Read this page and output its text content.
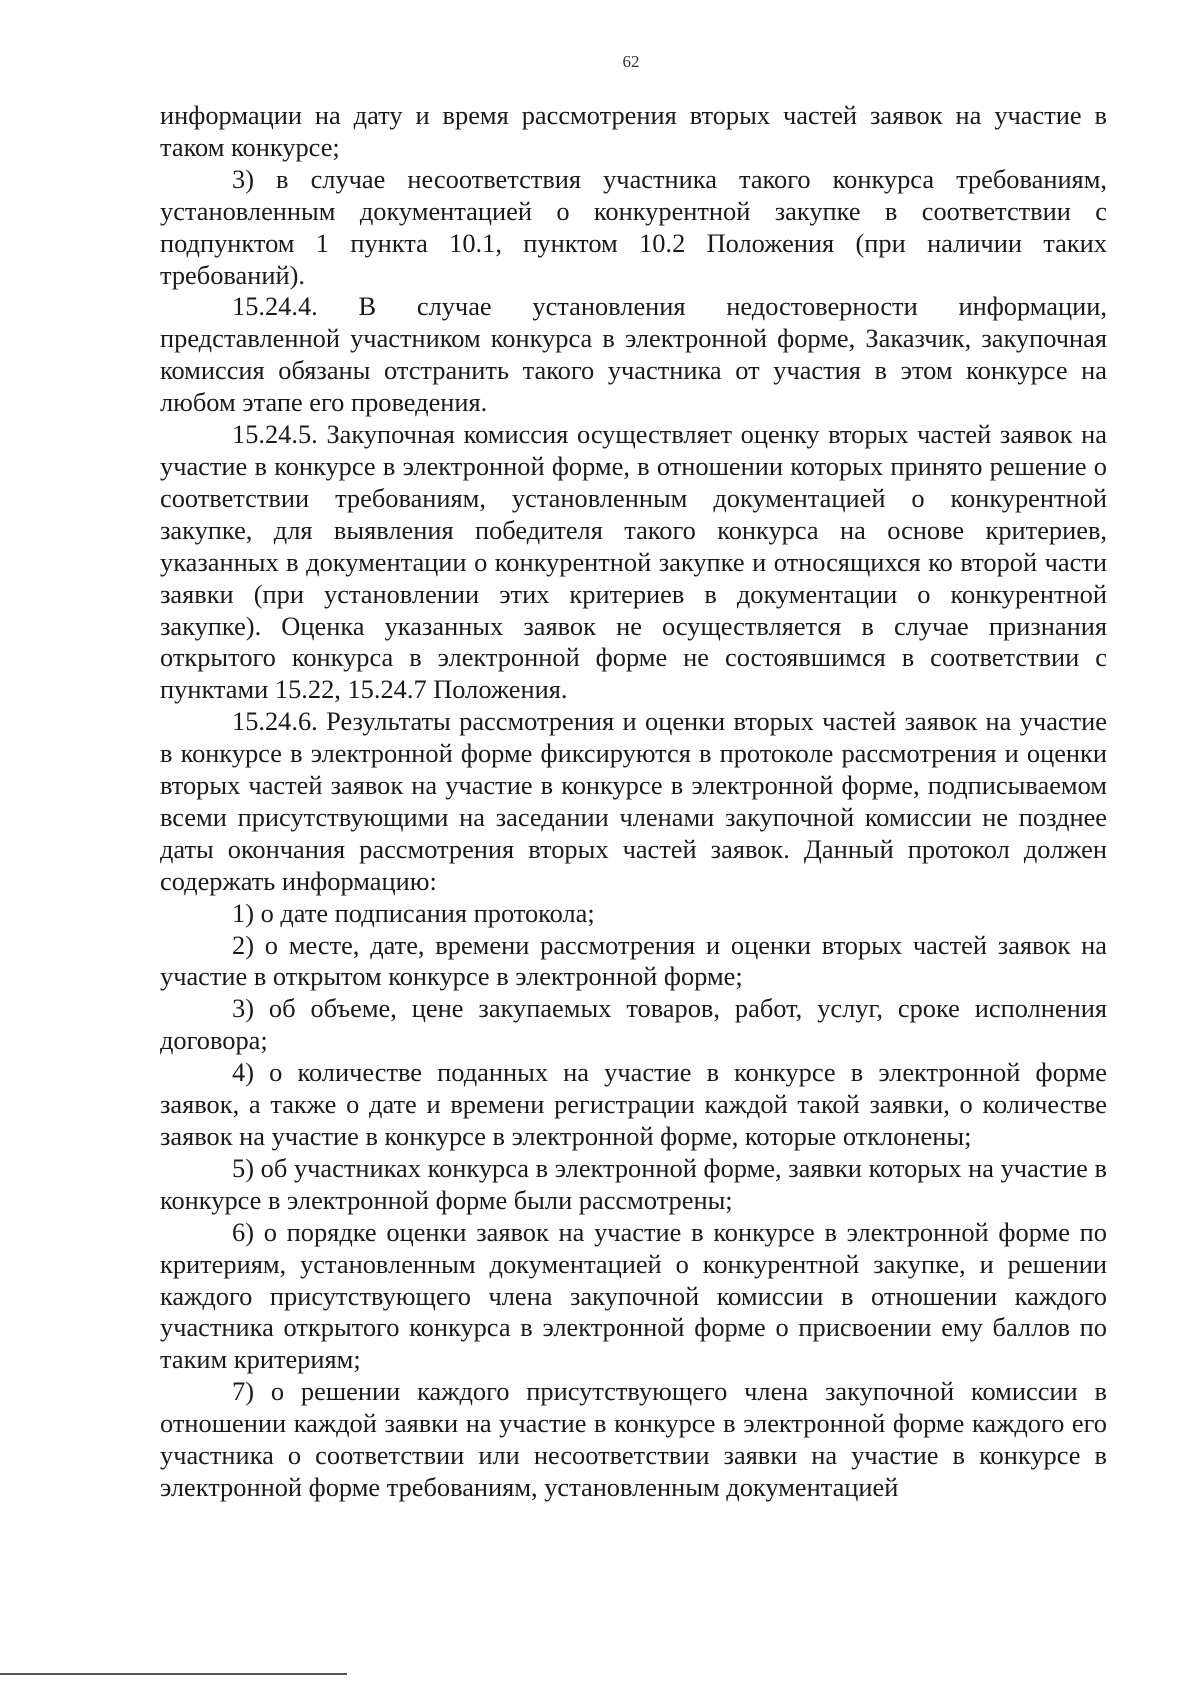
62

информации на дату и время рассмотрения вторых частей заявок на участие в таком конкурсе;

3) в случае несоответствия участника такого конкурса требованиям, установленным документацией о конкурентной закупке в соответствии с подпунктом 1 пункта 10.1, пунктом 10.2 Положения (при наличии таких требований).

15.24.4. В случае установления недостоверности информации, представленной участником конкурса в электронной форме, Заказчик, закупочная комиссия обязаны отстранить такого участника от участия в этом конкурсе на любом этапе его проведения.

15.24.5. Закупочная комиссия осуществляет оценку вторых частей заявок на участие в конкурсе в электронной форме, в отношении которых принято решение о соответствии требованиям, установленным документацией о конкурентной закупке, для выявления победителя такого конкурса на основе критериев, указанных в документации о конкурентной закупке и относящихся ко второй части заявки (при установлении этих критериев в документации о конкурентной закупке). Оценка указанных заявок не осуществляется в случае признания открытого конкурса в электронной форме не состоявшимся в соответствии с пунктами 15.22, 15.24.7 Положения.

15.24.6. Результаты рассмотрения и оценки вторых частей заявок на участие в конкурсе в электронной форме фиксируются в протоколе рассмотрения и оценки вторых частей заявок на участие в конкурсе в электронной форме, подписываемом всеми присутствующими на заседании членами закупочной комиссии не позднее даты окончания рассмотрения вторых частей заявок. Данный протокол должен содержать информацию:

1) о дате подписания протокола;

2) о месте, дате, времени рассмотрения и оценки вторых частей заявок на участие в открытом конкурсе в электронной форме;

3) об объеме, цене закупаемых товаров, работ, услуг, сроке исполнения договора;

4) о количестве поданных на участие в конкурсе в электронной форме заявок, а также о дате и времени регистрации каждой такой заявки, о количестве заявок на участие в конкурсе в электронной форме, которые отклонены;

5) об участниках конкурса в электронной форме, заявки которых на участие в конкурсе в электронной форме были рассмотрены;

6) о порядке оценки заявок на участие в конкурсе в электронной форме по критериям, установленным документацией о конкурентной закупке, и решении каждого присутствующего члена закупочной комиссии в отношении каждого участника открытого конкурса в электронной форме о присвоении ему баллов по таким критериям;

7) о решении каждого присутствующего члена закупочной комиссии в отношении каждой заявки на участие в конкурсе в электронной форме каждого его участника о соответствии или несоответствии заявки на участие в конкурсе в электронной форме требованиям, установленным документацией
